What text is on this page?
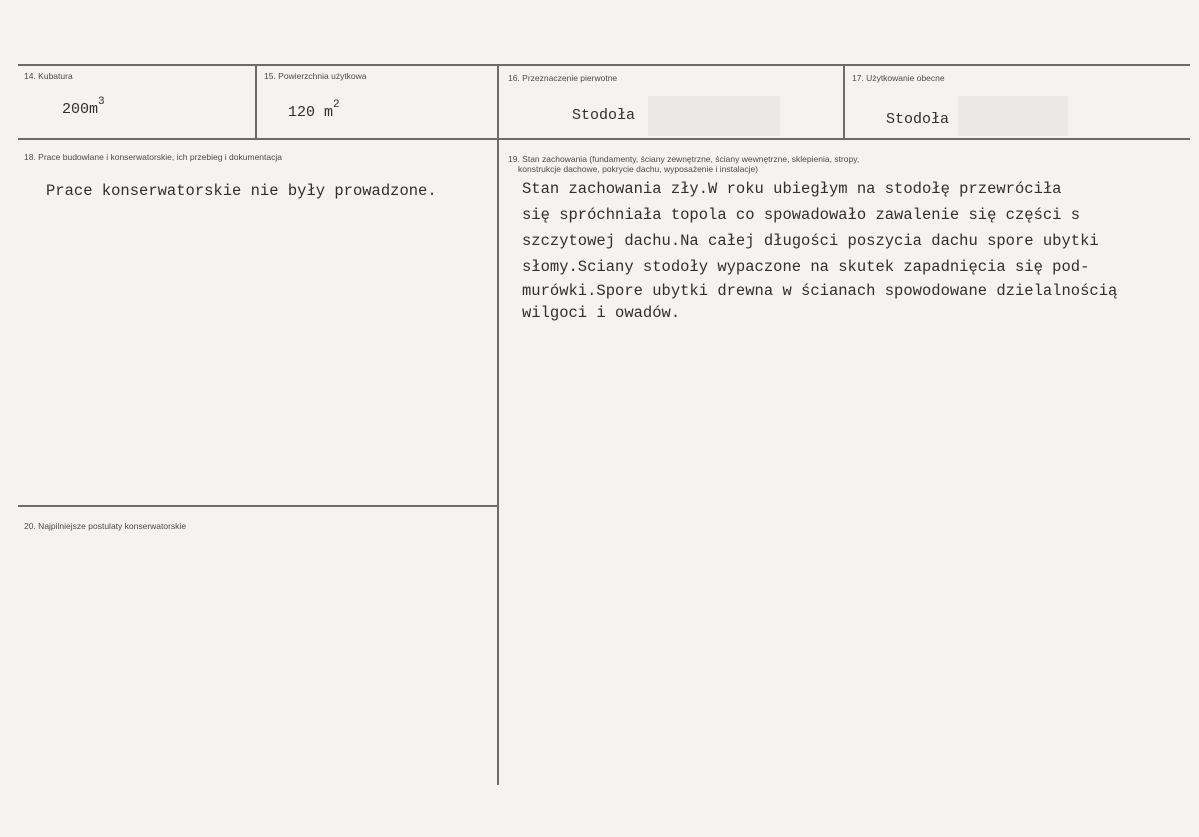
14. Kubatura
$200m^3$
15. Powierzchnia użytkowa
120 $m^2$
16. Przeznaczenie pierwotne
Stodoła
17. Użytkowanie obecne
Stodoła
18. Prace budowlane i konserwatorskie, ich przebieg i dokumentacja
Prace konserwatorskie nie były prowadzone.
19. Stan zachowania (fundamenty, ściany zewnętrzne, ściany wewnętrzne, sklepienia, stropy,
konstrukcje dachowe, pokrycie dachu, wyposażenie i instalacje)
Stan zachowania zły.W roku ubiegłym na stodołę przewróciła
się spróchniała topola co spowadowało zawalenie się części s
szczytowej dachu.Na całej długości poszycia dachu spore ubytki
słomy.Sciany stodoły wypaczone na skutek zapadnięcia się pod-
murówki.Spore ubytki drewna w ścianach spowodowane dzielalnością
wilgoci i owadów.
20. Najpilniejsze postulaty konserwatorskie
